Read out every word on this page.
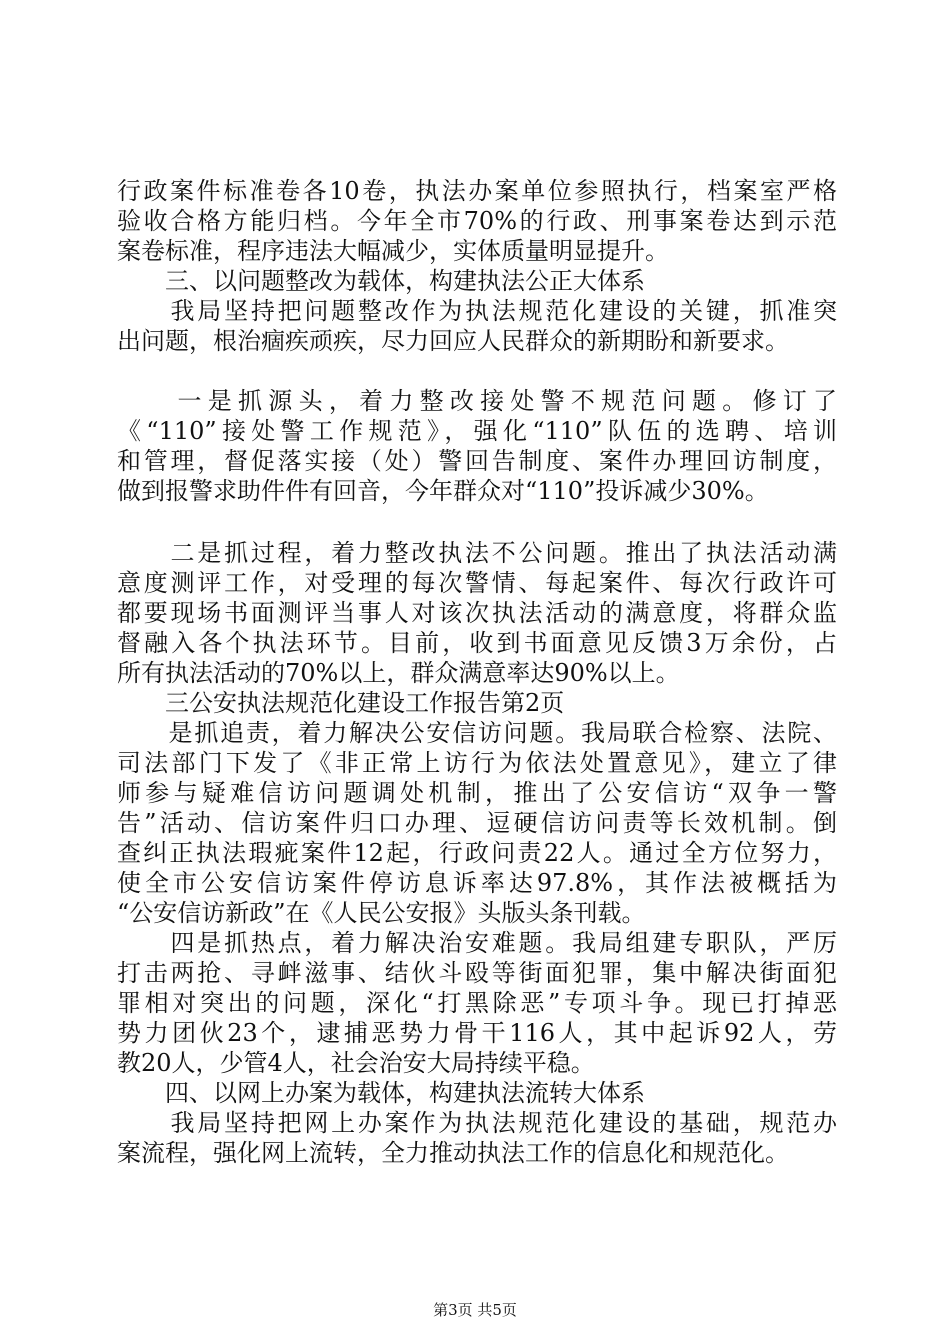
行政案件标准卷各10卷，执法办案单位参照执行，档案室严格
验收合格方能归档。今年全市70%的行政、刑事案卷达到示范
案卷标准，程序违法大幅减少，实体质量明显提升。
　　三、以问题整改为载体，构建执法公正大体系
　　我局坚持把问题整改作为执法规范化建设的关键，抓准突
出问题，根治痼疾顽疾，尽力回应人民群众的新期盼和新要求。
　　一是抓源头，着力整改接处警不规范问题。修订了
《“110”接处警工作规范》，强化“110”队伍的选聘、培训
和管理，督促落实接（处）警回告制度、案件办理回访制度，
做到报警求助件件有回音，今年群众对“110”投诉减少30%。
　　二是抓过程，着力整改执法不公问题。推出了执法活动满
意度测评工作，对受理的每次警情、每起案件、每次行政许可
都要现场书面测评当事人对该次执法活动的满意度，将群众监
督融入各个执法环节。目前，收到书面意见反馈3万余份，占
所有执法活动的70%以上，群众满意率达90%以上。
　　三公安执法规范化建设工作报告第2页
　　是抓追责，着力解决公安信访问题。我局联合检察、法院、
司法部门下发了《非正常上访行为依法处置意见》，建立了律
师参与疑难信访问题调处机制，推出了公安信访“双争一警
告”活动、信访案件归口办理、逗硬信访问责等长效机制。倒
查纠正执法瑕疵案件12起，行政问责22人。通过全方位努力，
使全市公安信访案件停访息诉率达97.8%，其作法被概括为
“公安信访新政”在《人民公安报》头版头条刊载。
　　四是抓热点，着力解决治安难题。我局组建专职队，严厉
打击两抢、寻衅滋事、结伙斗殴等街面犯罪，集中解决街面犯
罪相对突出的问题，深化“打黑除恶”专项斗争。现已打掉恶
势力团伙23个，逮捕恶势力骨干116人，其中起诉92人，劳
教20人，少管4人，社会治安大局持续平稳。
　　四、以网上办案为载体，构建执法流转大体系
　　我局坚持把网上办案作为执法规范化建设的基础，规范办
案流程，强化网上流转，全力推动执法工作的信息化和规范化。
第3页 共5页
